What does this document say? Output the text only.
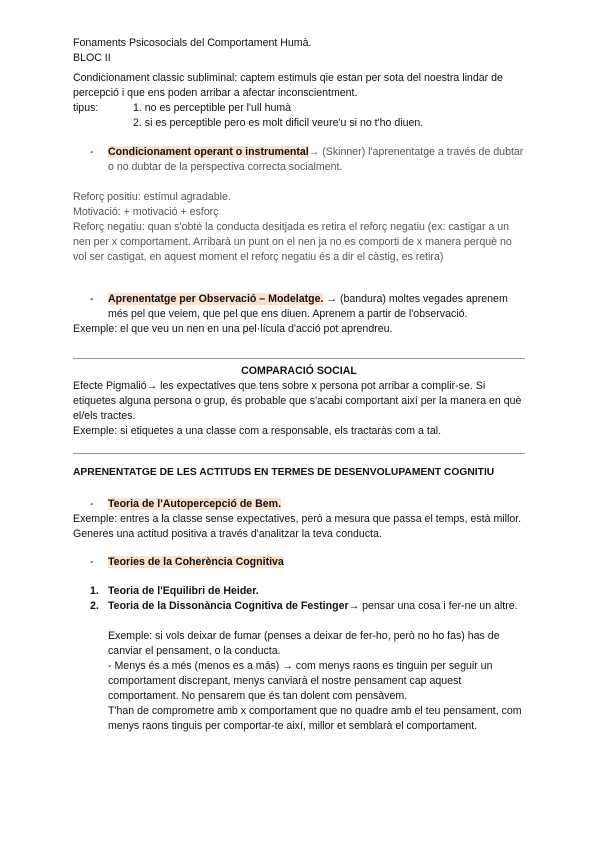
Fonaments Psicosocials del Comportament Humà.
BLOC II
Condicionament classic subliminal: captem estimuls qie estan per sota del noestra lindar de percepció i que ens poden arribar a afectar inconscientment.
tipus:	1. no es perceptible per l'ull humà
2. si es perceptible pero es molt dificil veure'u si no t'ho diuen.
-	Condicionament operant o instrumental→ (Skinner) l'aprenentatge a través de dubtar o no dubtar de la perspectiva correcta socialment.
Reforç positiu: estímul agradable.
Motivació: + motivació + esforç
Reforç negatiu: quan s'obté la conducta desitjada es retira el reforç negatiu (ex: castigar a un nen per x comportament. Arribarà un punt on el nen ja no es comporti de x manera perquè no vol ser castigat, en aquest moment el reforç negatiu és a dir el càstig, es retira)
-	Aprenentatge per Observació – Modelatge. → (bandura) moltes vegades aprenem més pel que veiem, que pel que ens diuen. Aprenem a partir de l'observació.
Exemple: el que veu un nen en una pel·lícula d'acció pot aprendreu.
COMPARACIÓ SOCIAL
Efecte Pigmalió→ les expectatives que tens sobre x persona pot arribar a complir-se. Si etiquetes alguna persona o grup, és probable que s'acabi comportant així per la manera en què el/els tractes.
Exemple: si etiquetes a una classe com a responsable, els tractaràs com a tal.
APRENENTATGE DE LES ACTITUDS EN TERMES DE DESENVOLUPAMENT COGNITIU
-	Teoria de l'Autopercepció de Bem.
Exemple: entres a la classe sense expectatives, però a mesura que passa el temps, està millor. Generes una actitud positiva a través d'analitzar la teva conducta.
-	Teories de la Coherència Cognitiva
1. Teoria de l'Equilibri de Heider.
2. Teoria de la Dissonància Cognitiva de Festinger→ pensar una cosa i fer-ne un altre.
Exemple: si vols deixar de fumar (penses a deixar de fer-ho, però no ho fas) has de canviar el pensament, o la conducta.
- Menys és a més (menos es a más) → com menys raons es tinguin per seguir un comportament discrepant, menys canviarà el nostre pensament cap aquest comportament. No pensarem que és tan dolent com pensàvem.
T'han de comprometre amb x comportament que no quadre amb el teu pensament, com menys raons tinguis per comportar-te així, millor et semblarà el comportament.
